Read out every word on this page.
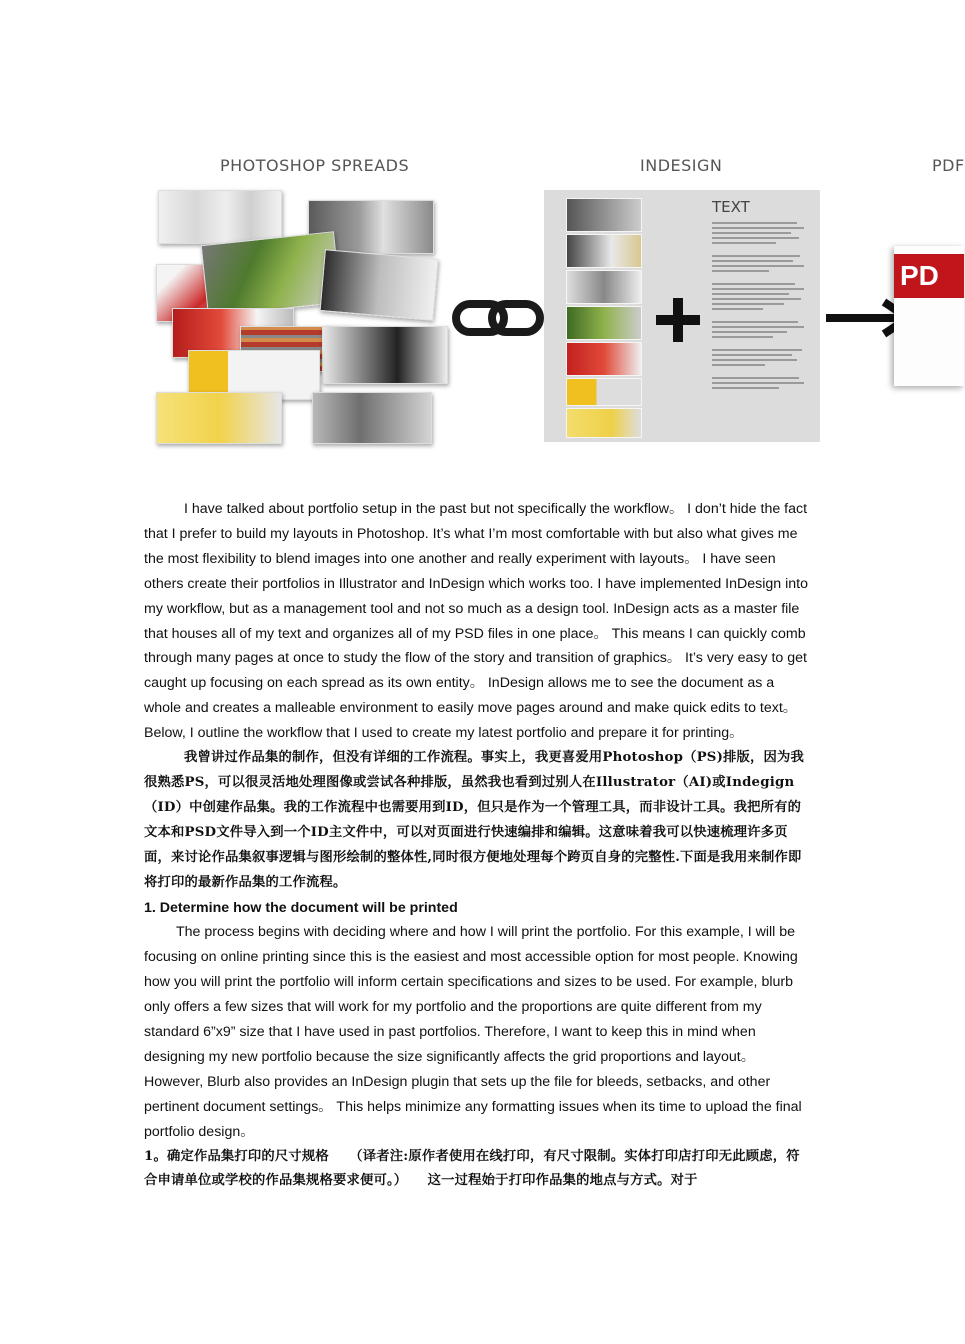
PHOTOSHOP SPREADS	INDESIGN	PDF
TEXT
PD

I have talked about portfolio setup in the past but not specifically the workflow。 I don’t hide the fact that I prefer to build my layouts in Photoshop. It’s what I’m most comfortable with but also what gives me the most flexibility to blend images into one another and really experiment with layouts。 I have seen others create their portfolios in Illustrator and InDesign which works too. I have implemented InDesign into my workflow, but as a management tool and not so much as a design tool. InDesign acts as a master file that houses all of my text and organizes all of my PSD files in one place。 This means I can quickly comb through many pages at once to study the flow of the story and transition of graphics。 It’s very easy to get caught up focusing on each spread as its own entity。 InDesign allows me to see the document as a whole and creates a malleable environment to easily move pages around and make quick edits to text。 Below, I outline the workflow that I used to create my latest portfolio and prepare it for printing。

我曾讲过作品集的制作，但没有详细的工作流程。事实上，我更喜爱用Photoshop（PS)排版，因为我很熟悉PS，可以很灵活地处理图像或尝试各种排版，虽然我也看到过别人在Illustrator（AI)或Indegign（ID）中创建作品集。我的工作流程中也需要用到ID，但只是作为一个管理工具，而非设计工具。我把所有的文本和PSD文件导入到一个ID主文件中，可以对页面进行快速编排和编辑。这意味着我可以快速梳理许多页面，来讨论作品集叙事逻辑与图形绘制的整体性,同时很方便地处理每个跨页自身的完整性.下面是我用来制作即将打印的最新作品集的工作流程。

1. Determine how the document will be printed

The process begins with deciding where and how I will print the portfolio. For this example, I will be focusing on online printing since this is the easiest and most accessible option for most people. Knowing how you will print the portfolio will inform certain specifications and sizes to be used. For example, blurb only offers a few sizes that will work for my portfolio and the proportions are quite different from my standard 6”x9” size that I have used in past portfolios. Therefore, I want to keep this in mind when designing my new portfolio because the size significantly affects the grid proportions and layout。 However, Blurb also provides an InDesign plugin that sets up the file for bleeds, setbacks, and other pertinent document settings。 This helps minimize any formatting issues when its time to upload the final portfolio design。

1。确定作品集打印的尺寸规格　　（译者注:原作者使用在线打印，有尺寸限制。实体打印店打印无此顾虑，符合申请单位或学校的作品集规格要求便可。）　　这一过程始于打印作品集的地点与方式。对于
